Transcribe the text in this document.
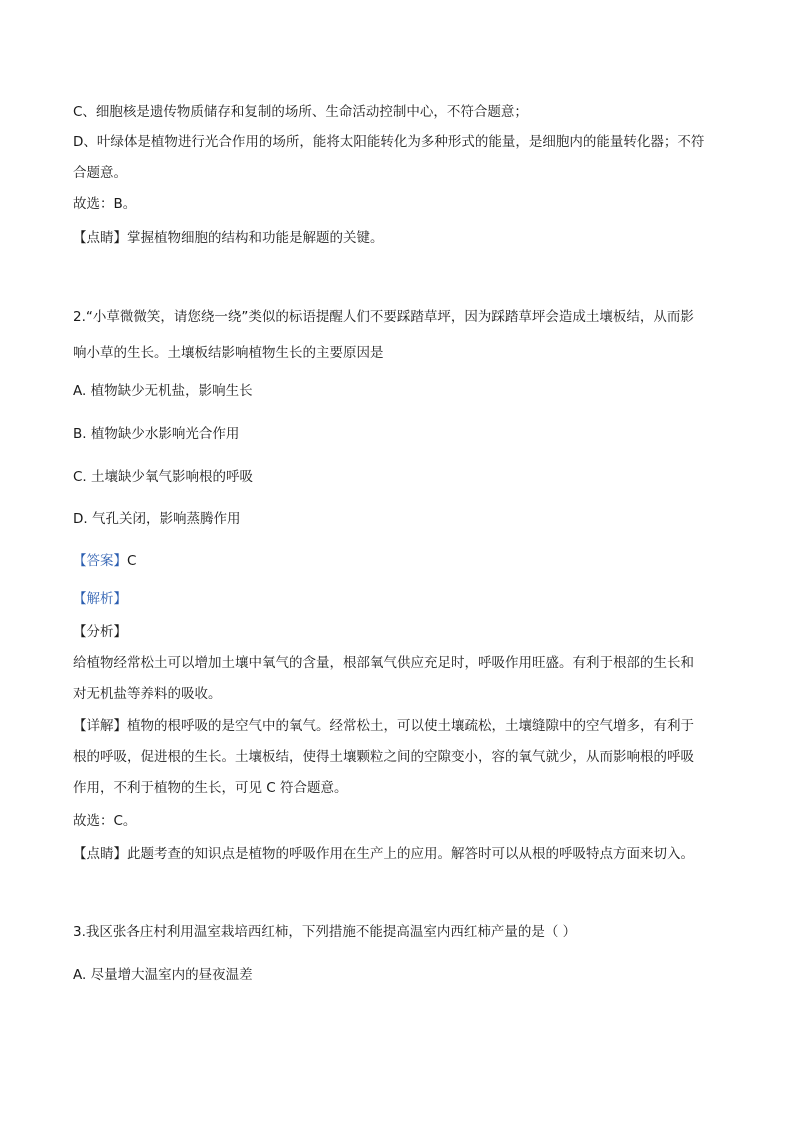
C、细胞核是遗传物质储存和复制的场所、生命活动控制中心，不符合题意；
D、叶绿体是植物进行光合作用的场所，能将太阳能转化为多种形式的能量，是细胞内的能量转化器；不符
合题意。
故选：B。
【点睛】掌握植物细胞的结构和功能是解题的关键。
2.“小草微微笑，请您绕一绕”类似的标语提醒人们不要踩踏草坪，因为踩踏草坪会造成土壤板结，从而影
响小草的生长。土壤板结影响植物生长的主要原因是
A. 植物缺少无机盐，影响生长
B. 植物缺少水影响光合作用
C. 土壤缺少氧气影响根的呼吸
D. 气孔关闭，影响蒸腾作用
【答案】C
【解析】
【分析】
给植物经常松土可以增加土壤中氧气的含量，根部氧气供应充足时，呼吸作用旺盛。有利于根部的生长和
对无机盐等养料的吸收。
【详解】植物的根呼吸的是空气中的氧气。经常松土，可以使土壤疏松，土壤缝隙中的空气增多，有利于
根的呼吸，促进根的生长。土壤板结，使得土壤颗粒之间的空隙变小，容的氧气就少，从而影响根的呼吸
作用，不利于植物的生长，可见 C 符合题意。
故选：C。
【点睛】此题考查的知识点是植物的呼吸作用在生产上的应用。解答时可以从根的呼吸特点方面来切入。
3.我区张各庄村利用温室栽培西红柿，下列措施不能提高温室内西红柿产量的是（ ）
A. 尽量增大温室内的昼夜温差
